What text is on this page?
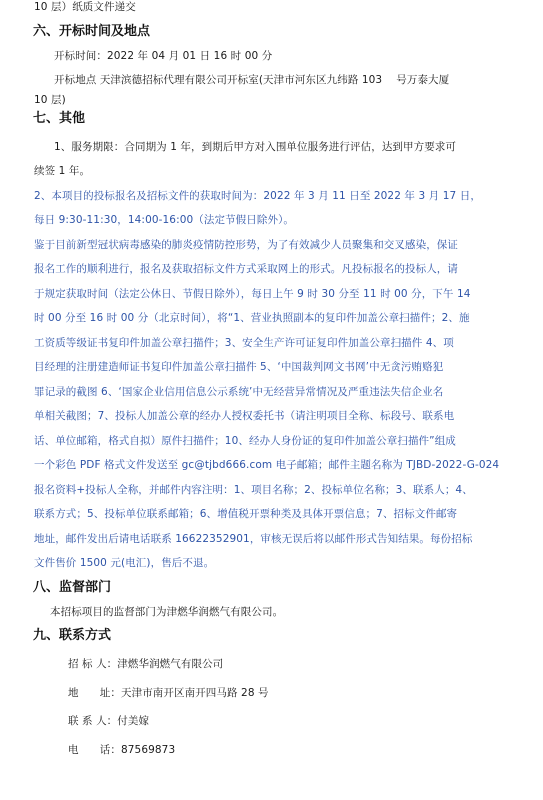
10 层）纸质文件递交
六、开标时间及地点
开标时间：2022 年 04 月 01 日 16 时 00 分
开标地点 天津滨德招标代理有限公司开标室(天津市河东区九纬路 103　 号万泰大厦
10 层)
七、其他
1、服务期限：合同期为 1 年，到期后甲方对入围单位服务进行评估，达到甲方要求可
续签 1 年。
2、本项目的投标报名及招标文件的获取时间为：2022 年 3 月 11 日至 2022 年 3 月 17 日，
每日 9:30-11:30，14:00-16:00（法定节假日除外）。
鉴于目前新型冠状病毒感染的肺炎疫情防控形势，为了有效减少人员聚集和交叉感染，保证
报名工作的顺利进行，报名及获取招标文件方式采取网上的形式。凡投标报名的投标人，请
于规定获取时间（法定公休日、节假日除外），每日上午 9 时 30 分至 11 时 00 分，下午 14
时 00 分至 16 时 00 分（北京时间），将“1、营业执照副本的复印件加盖公章扫描件；2、施
工资质等级证书复印件加盖公章扫描件；3、安全生产许可证复印件加盖公章扫描件 4、项
目经理的注册建造师证书复印件加盖公章扫描件 5、‘中国裁判网文书网’中无贪污贿赂犯
罪记录的截图 6、‘国家企业信用信息公示系统’中无经营异常情况及严重违法失信企业名
单相关截图；7、投标人加盖公章的经办人授权委托书（请注明项目全称、标段号、联系电
话、单位邮箱，格式自拟）原件扫描件；10、经办人身份证的复印件加盖公章扫描件”组成
一个彩色 PDF 格式文件发送至 gc@tjbd666.com 电子邮箱；邮件主题名称为 TJBD-2022-G-024
报名资料+投标人全称，并邮件内容注明：1、项目名称；2、投标单位名称；3、联系人；4、
联系方式；5、投标单位联系邮箱；6、增值税开票种类及具体开票信息；7、招标文件邮寄
地址，邮件发出后请电话联系 16622352901，审核无误后将以邮件形式告知结果。每份招标
文件售价 1500 元(电汇)，售后不退。
八、监督部门
本招标项目的监督部门为津燃华润燃气有限公司。
九、联系方式
招 标 人：津燃华润燃气有限公司
地　　址：天津市南开区南开四马路 28 号
联 系 人：付美嫁
电　　话：87569873
